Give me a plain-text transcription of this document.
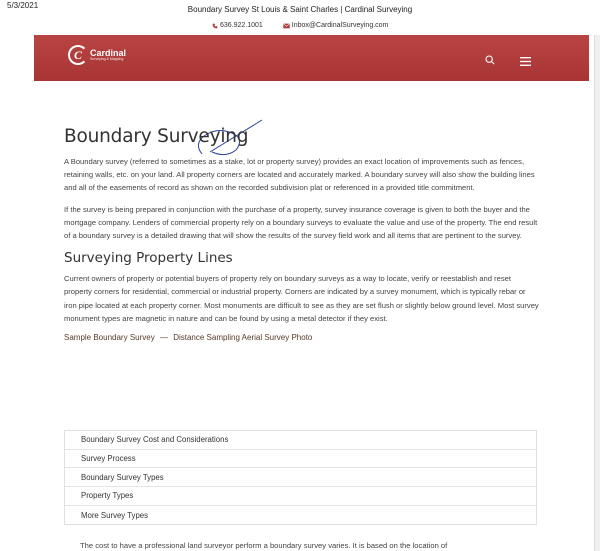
5/3/2021	Boundary Survey St Louis & Saint Charles | Cardinal Surveying
636.922.1001
	Inbox@CardinalSurveying.com
C Cardinal
Surveying & Mapping
Boundary Surveying

A Boundary survey (referred to sometimes as a stake, lot or property survey) provides an exact location of improvements such as fences, retaining walls, etc. on your land. All property corners are located and accurately marked. A boundary survey will also show the building lines and all of the easements of record as shown on the recorded subdivision plat or referenced in a provided title commitment.

If the survey is being prepared in conjunction with the purchase of a property, survey insurance coverage is given to both the buyer and the mortgage company. Lenders of commercial property rely on a boundary surveys to evaluate the value and use of the property. The end result of a boundary survey is a detailed drawing that will show the results of the survey field work and all items that are pertinent to the survey.

Surveying Property Lines

Current owners of property or potential buyers of property rely on boundary surveys as a way to locate, verify or reestablish and reset property corners for residential, commercial or industrial property. Corners are indicated by a survey monument, which is typically rebar or iron pipe located at each property corner. Most monuments are difficult to see as they are set flush or slightly below ground level. Most survey monument types are magnetic in nature and can be found by using a metal detector if they exist.

Sample Boundary Survey — Distance Sampling Aerial Survey Photo
Boundary Survey Cost and Considerations
Survey Process
Boundary Survey Types
Property Types
More Survey Types
The cost to have a professional land surveyor perform a boundary survey varies. It is based on the location of
